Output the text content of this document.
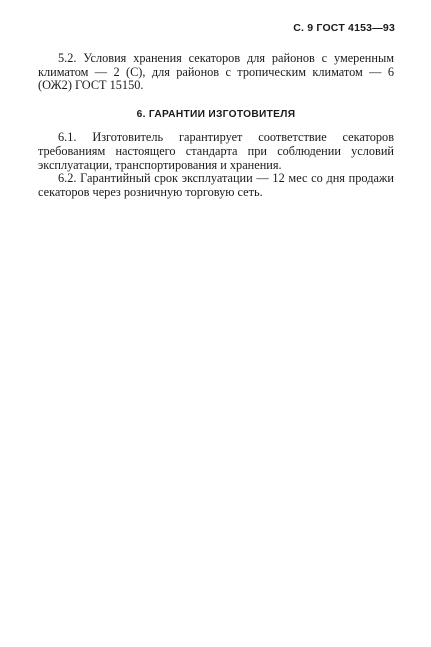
С. 9 ГОСТ 4153—93

5.2. Условия хранения секаторов для районов с умеренным климатом — 2 (С), для районов с тропическим климатом — 6 (ОЖ2) ГОСТ 15150.

6. ГАРАНТИИ ИЗГОТОВИТЕЛЯ

6.1. Изготовитель гарантирует соответствие секаторов требованиям настоящего стандарта при соблюдении условий эксплуатации, транспортирования и хранения.

6.2. Гарантийный срок эксплуатации — 12 мес со дня продажи секаторов через розничную торговую сеть.
